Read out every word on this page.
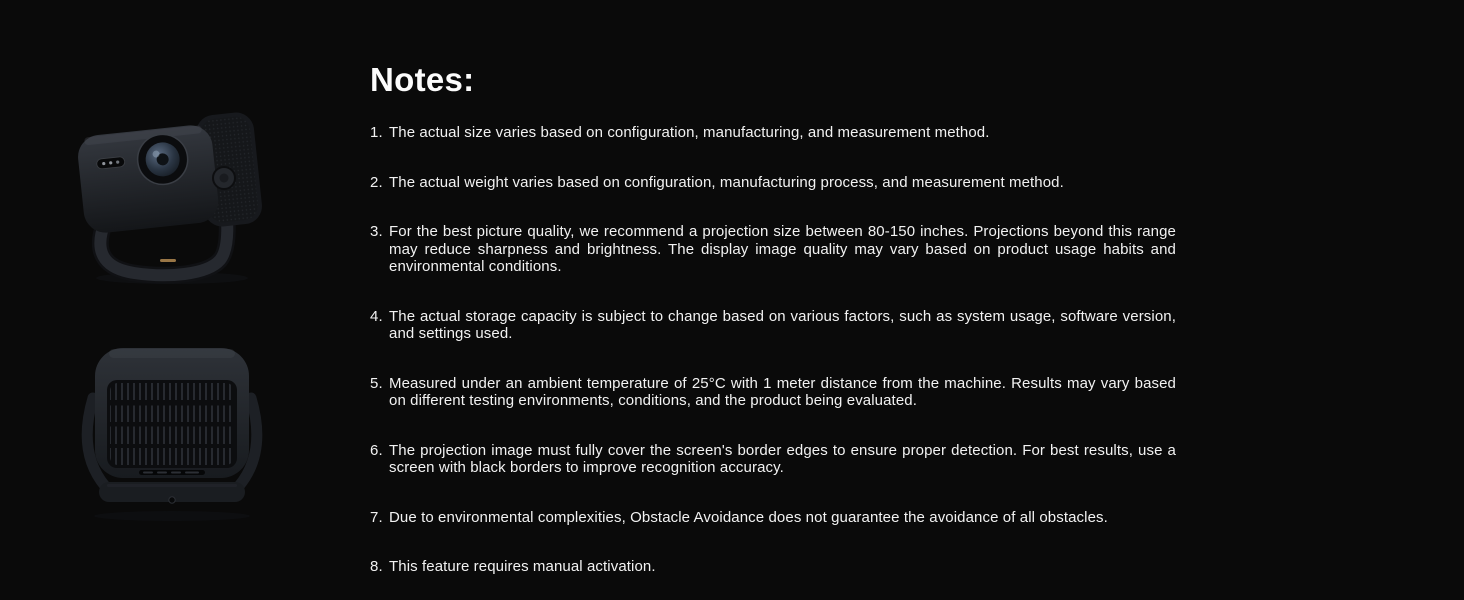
Notes:
1. The actual size varies based on configuration, manufacturing, and measurement method.
2. The actual weight varies based on configuration, manufacturing process, and measurement method.
3. For the best picture quality, we recommend a projection size between 80-150 inches. Projections beyond this range may reduce sharpness and brightness. The display image quality may vary based on product usage habits and environmental conditions.
4. The actual storage capacity is subject to change based on various factors, such as system usage, software version, and settings used.
5. Measured under an ambient temperature of 25°C with 1 meter distance from the machine. Results may vary based on different testing environments, conditions, and the product being evaluated.
6. The projection image must fully cover the screen's border edges to ensure proper detection. For best results, use a screen with black borders to improve recognition accuracy.
7. Due to environmental complexities, Obstacle Avoidance does not guarantee the avoidance of all obstacles.
8. This feature requires manual activation.
